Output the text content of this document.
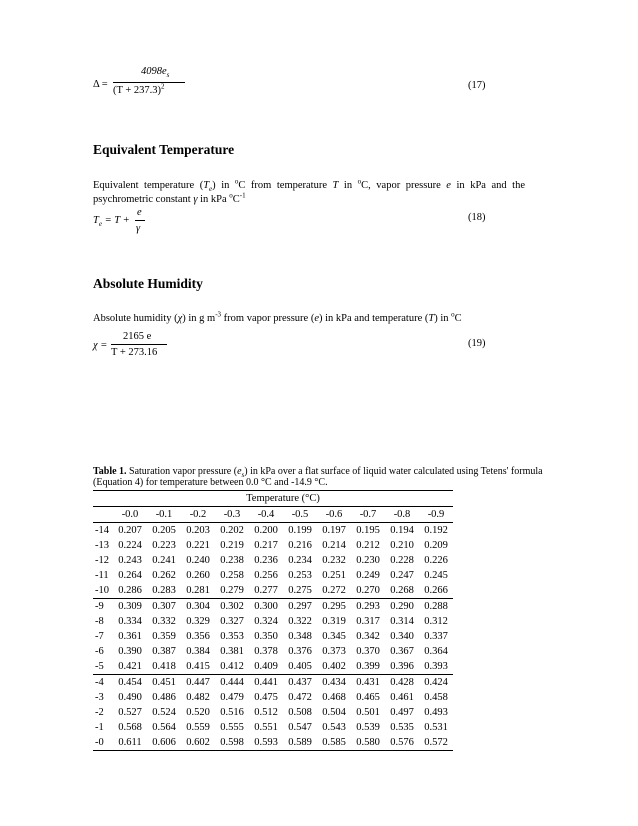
Δ =
$4098e_s$
$(T + 237.3)^2$	(17)
Equivalent Temperature

Equivalent temperature $(T_e)$ in $^o$C from temperature T in $^o$C, vapor pressure e in kPa and the psychrometric constant γ in kPa $^oC^{-1}$

$T_e = T$ +
e
γ
(18)
Absolute Humidity

Absolute humidity (χ) in g $m^{-3}$ from vapor pressure (e) in kPa and temperature (T) in $^o$C

χ =
2165 e
T + 273.16
(19)
Table 1. Saturation vapor pressure $(e_s)$ in kPa over a flat surface of liquid water calculated using Tetens' formula (Equation 4) for temperature between 0.0 °C and -14.9 °C.
	Temperature (°C)									
	-0.0	-0.1	-0.2	-0.3	-0.4	-0.5	-0.6	-0.7	-0.8	-0.9
-14	0.207	0.205	0.203	0.202	0.200	0.199	0.197	0.195	0.194	0.192
-13	0.224	0.223	0.221	0.219	0.217	0.216	0.214	0.212	0.210	0.209
-12	0.243	0.241	0.240	0.238	0.236	0.234	0.232	0.230	0.228	0.226
-11	0.264	0.262	0.260	0.258	0.256	0.253	0.251	0.249	0.247	0.245
-10	0.286	0.283	0.281	0.279	0.277	0.275	0.272	0.270	0.268	0.266
-9	0.309	0.307	0.304	0.302	0.300	0.297	0.295	0.293	0.290	0.288
-8	0.334	0.332	0.329	0.327	0.324	0.322	0.319	0.317	0.314	0.312
-7	0.361	0.359	0.356	0.353	0.350	0.348	0.345	0.342	0.340	0.337
-6	0.390	0.387	0.384	0.381	0.378	0.376	0.373	0.370	0.367	0.364
-5	0.421	0.418	0.415	0.412	0.409	0.405	0.402	0.399	0.396	0.393
-4	0.454	0.451	0.447	0.444	0.441	0.437	0.434	0.431	0.428	0.424
-3	0.490	0.486	0.482	0.479	0.475	0.472	0.468	0.465	0.461	0.458
-2	0.527	0.524	0.520	0.516	0.512	0.508	0.504	0.501	0.497	0.493
-1	0.568	0.564	0.559	0.555	0.551	0.547	0.543	0.539	0.535	0.531
-0	0.611	0.606	0.602	0.598	0.593	0.589	0.585	0.580	0.576	0.572
